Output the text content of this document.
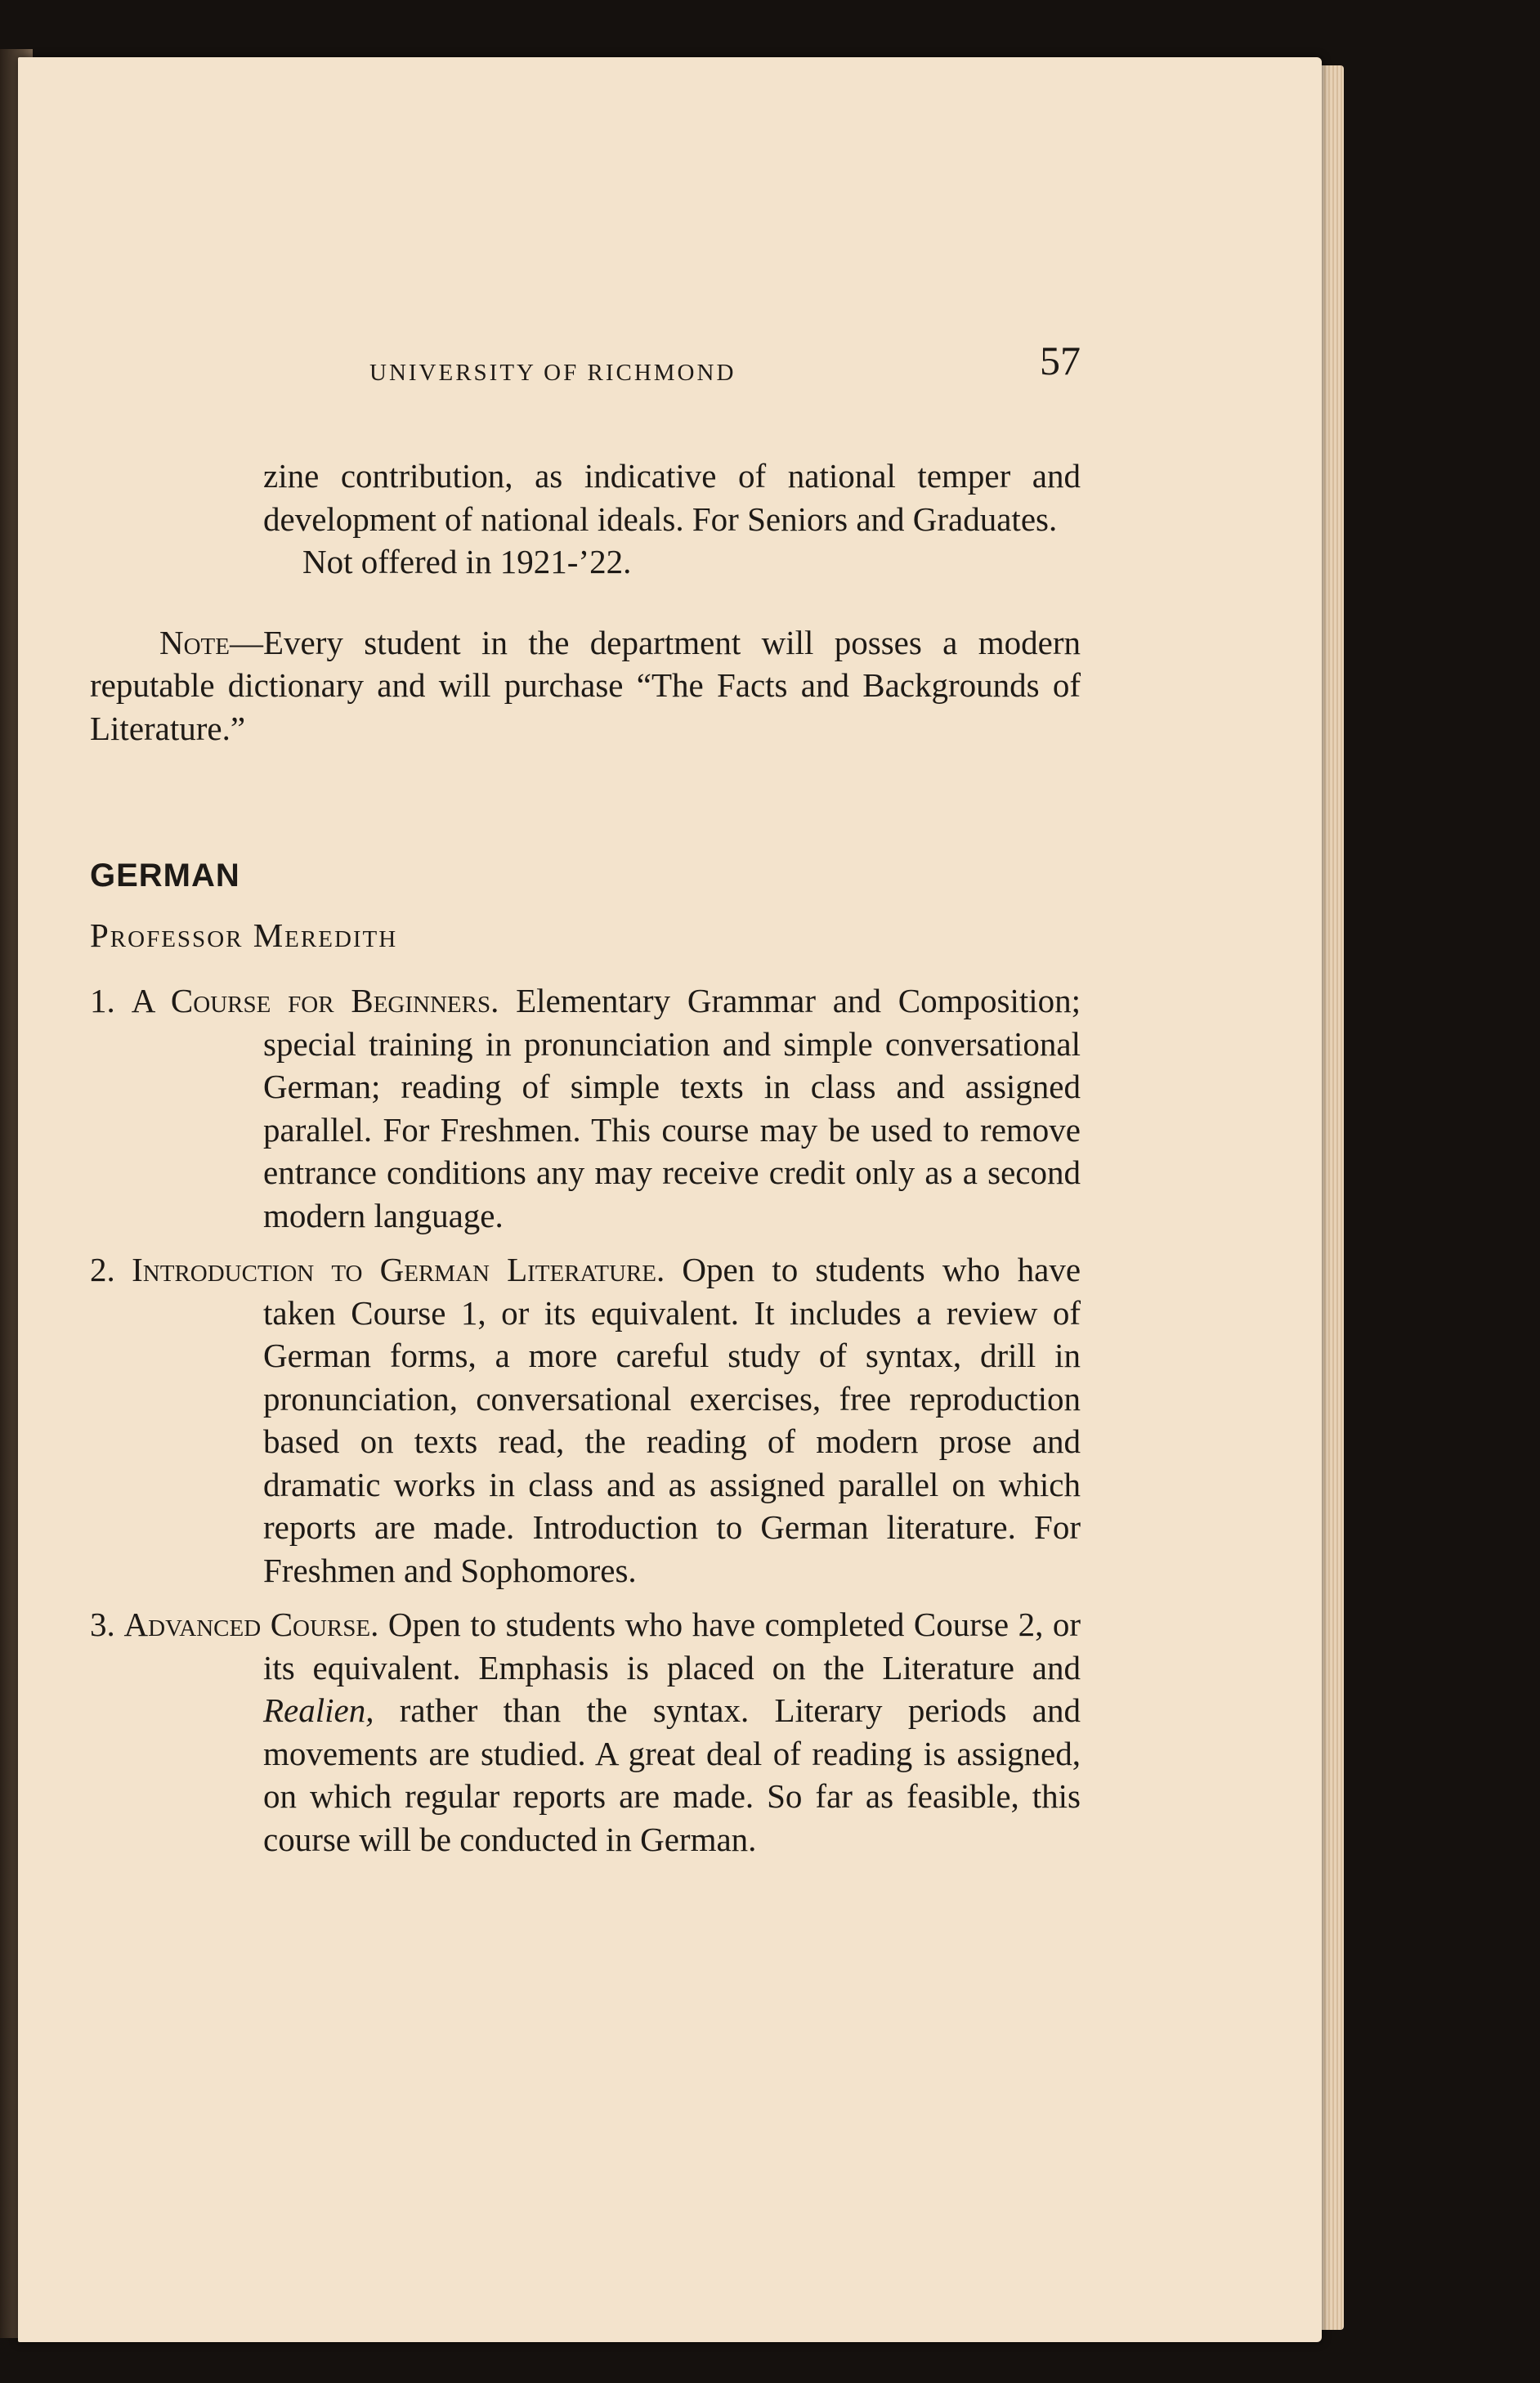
UNIVERSITY OF RICHMOND	57

zine contribution, as indicative of national temper and development of national ideals. For Seniors and Graduates.

Not offered in 1921-’22.

Note—Every student in the department will posses a modern reputable dictionary and will purchase “The Facts and Backgrounds of Literature.”

GERMAN

Professor Meredith

1. A Course for Beginners. Elementary Grammar and Composition; special training in pronunciation and simple conversational German; reading of simple texts in class and assigned parallel. For Freshmen. This course may be used to remove entrance conditions any may receive credit only as a second modern language.

2. Introduction to German Literature. Open to students who have taken Course 1, or its equivalent. It includes a review of German forms, a more careful study of syntax, drill in pronunciation, conversational exercises, free reproduction based on texts read, the reading of modern prose and dramatic works in class and as assigned parallel on which reports are made. Introduction to German literature. For Freshmen and Sophomores.

3. Advanced Course. Open to students who have completed Course 2, or its equivalent. Emphasis is placed on the Literature and Realien, rather than the syntax. Literary periods and movements are studied. A great deal of reading is assigned, on which regular reports are made. So far as feasible, this course will be conducted in German.
